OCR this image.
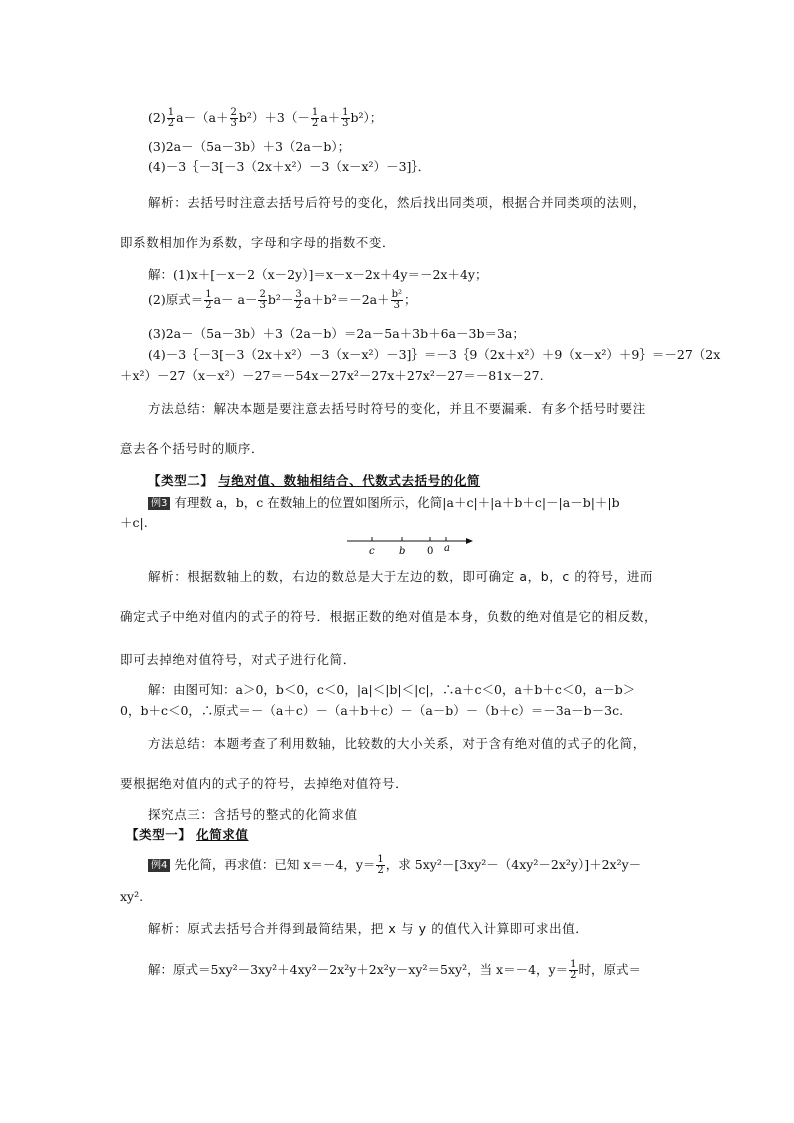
$(2) \frac{1}{2} a-(a+ \frac{2}{3} b^2)+3(- \frac{1}{2} a+ \frac{1}{3} b^2)$；
(3)2a－（5a－3b）＋3（2a－b）；
(4)－3｛－3[－3（2x＋x²）－3（x－x²）－3]｝．
解析：去括号时注意去括号后符号的变化，然后找出同类项，根据合并同类项的法则，
即系数相加作为系数，字母和字母的指数不变．
解：(1)x＋[－x－2（x－2y）]＝x－x－2x＋4y＝－2x＋4y；
(2)原式＝ $\frac{1}{2} a- a- \frac{2}{3} b^2- \frac{3}{2} a+b^2=-2a+ \frac{\text{b²}}{3}$ ；
(3)2a－（5a－3b）＋3（2a－b）＝2a－5a＋3b＋6a－3b＝3a；
(4)－3｛－3[－3（2x＋x²）－3（x－x²）－3]｝＝－3｛9（2x＋x²）＋9（x－x²）＋9｝＝－27（2x
＋x²）－27（x－x²）－27＝－54x－27x²－27x＋27x²－27＝－81x－27.
方法总结：解决本题是要注意去括号时符号的变化，并且不要漏乘．有多个括号时要注
意去各个括号时的顺序．
【类型二】 与绝对值、数轴相结合、代数式去括号的化简
例3 有理数 a，b，c 在数轴上的位置如图所示，化简|a＋c|＋|a＋b＋c|－|a－b|＋|b
＋c|.
c b 0 a
解析：根据数轴上的数，右边的数总是大于左边的数，即可确定 a，b，c 的符号，进而
确定式子中绝对值内的式子的符号．根据正数的绝对值是本身，负数的绝对值是它的相反数，
即可去掉绝对值符号，对式子进行化简．
解：由图可知：a＞0，b＜0，c＜0，|a|＜|b|＜|c|，∴a＋c＜0，a＋b＋c＜0，a－b＞
0，b＋c＜0，∴原式＝－（a＋c）－（a＋b＋c）－（a－b）－（b＋c）＝－3a－b－3c.
方法总结：本题考查了利用数轴，比较数的大小关系，对于含有绝对值的式子的化简，
要根据绝对值内的式子的符号，去掉绝对值符号．
探究点三：含括号的整式的化简求值
【类型一】 化简求值
例4 先化简，再求值：已知 x＝－4，$y= \frac{1}{2}$ ，求 5xy²－[3xy²－（4xy²－2x²y）]＋2x²y－
xy².
解析：原式去括号合并得到最简结果，把 x 与 y 的值代入计算即可求出值．
解：原式＝5xy²－3xy²＋4xy²－2x²y＋2x²y－xy²＝5xy²，当 x＝－4，$y= \frac{1}{2}$ 时，原式＝
